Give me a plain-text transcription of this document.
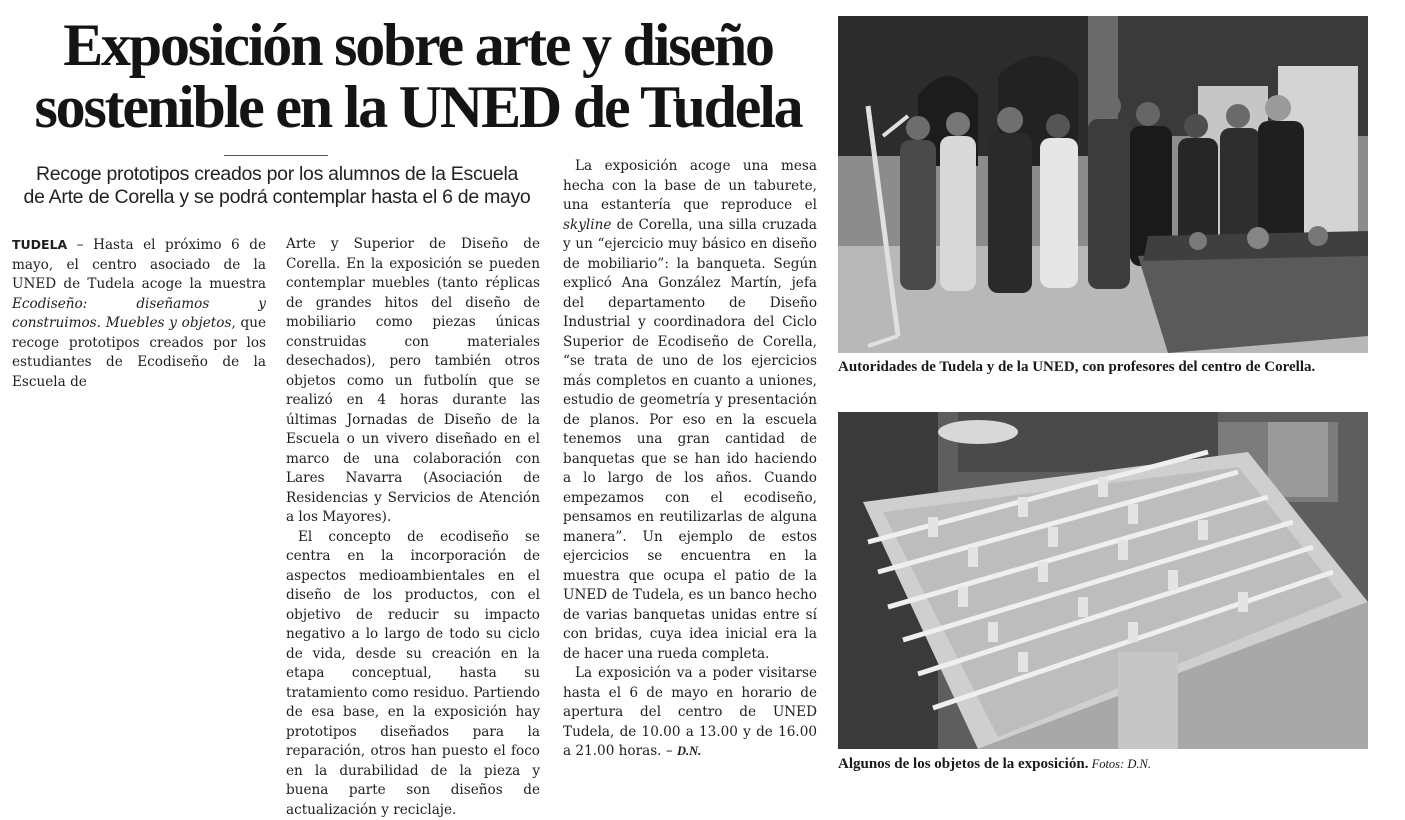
Exposición sobre arte y diseño
sostenible en la UNED de Tudela
Recoge prototipos creados por los alumnos de la Escuela
de Arte de Corella y se podrá contemplar hasta el 6 de mayo

TUDELA – Hasta el próximo 6 de mayo, el centro asociado de la UNED de Tudela acoge la muestra Ecodiseño: diseñamos y construimos. Muebles y objetos, que recoge prototipos creados por los estudiantes de Ecodiseño de la Escuela de

Arte y Superior de Diseño de Corella. En la exposición se pueden contemplar muebles (tanto réplicas de grandes hitos del diseño de mobiliario como piezas únicas construidas con materiales desechados), pero también otros objetos como un futbolín que se realizó en 4 horas durante las últimas Jornadas de Diseño de la Escuela o un vivero diseñado en el marco de una colaboración con Lares Navarra (Asociación de Residencias y Servicios de Atención a los Mayores).

El concepto de ecodiseño se centra en la incorporación de aspectos medioambientales en el diseño de los productos, con el objetivo de reducir su impacto negativo a lo largo de todo su ciclo de vida, desde su creación en la etapa conceptual, hasta su tratamiento como residuo. Partiendo de esa base, en la exposición hay prototipos diseñados para la reparación, otros han puesto el foco en la durabilidad de la pieza y buena parte son diseños de actualización y reciclaje.

La exposición acoge una mesa hecha con la base de un taburete, una estantería que reproduce el skyline de Corella, una silla cruzada y un “ejercicio muy básico en diseño de mobiliario”: la banqueta. Según explicó Ana González Martín, jefa del departamento de Diseño Industrial y coordinadora del Ciclo Superior de Ecodiseño de Corella, “se trata de uno de los ejercicios más completos en cuanto a uniones, estudio de geometría y presentación de planos. Por eso en la escuela tenemos una gran cantidad de banquetas que se han ido haciendo a lo largo de los años. Cuando empezamos con el ecodiseño, pensamos en reutilizarlas de alguna manera”. Un ejemplo de estos ejercicios se encuentra en la muestra que ocupa el patio de la UNED de Tudela, es un banco hecho de varias banquetas unidas entre sí con bridas, cuya idea inicial era la de hacer una rueda completa.

La exposición va a poder visitarse hasta el 6 de mayo en horario de apertura del centro de UNED Tudela, de 10.00 a 13.00 y de 16.00 a 21.00 horas. – D.N.

Autoridades de Tudela y de la UNED, con profesores del centro de Corella.
Algunos de los objetos de la exposición. Fotos: D.N.
